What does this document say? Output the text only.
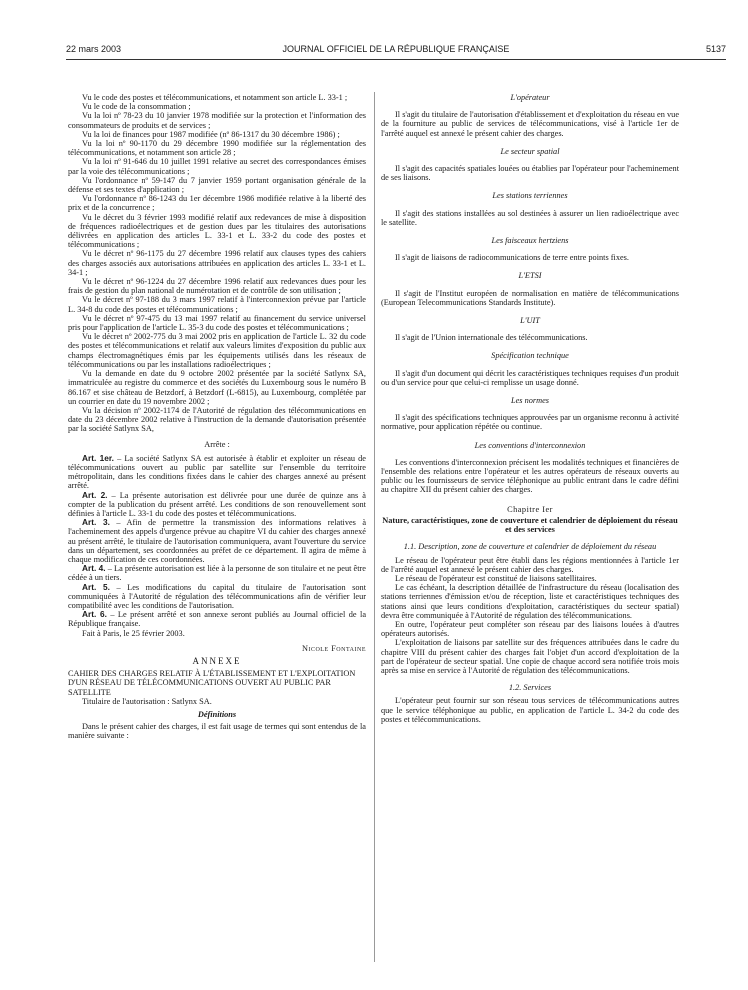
22 mars 2003	JOURNAL OFFICIEL DE LA RÉPUBLIQUE FRANÇAISE	5137

Vu le code des postes et télécommunications, et notamment son article L. 33-1 ;

Vu le code de la consommation ;

Vu la loi nº 78-23 du 10 janvier 1978 modifiée sur la protection et l'information des consommateurs de produits et de services ;

Vu la loi de finances pour 1987 modifiée (nº 86-1317 du 30 décembre 1986) ;

Vu la loi nº 90-1170 du 29 décembre 1990 modifiée sur la réglementation des télécommunications, et notamment son article 28 ;

Vu la loi nº 91-646 du 10 juillet 1991 relative au secret des correspondances émises par la voie des télécommunications ;

Vu l'ordonnance nº 59-147 du 7 janvier 1959 portant organisation générale de la défense et ses textes d'application ;

Vu l'ordonnance nº 86-1243 du 1er décembre 1986 modifiée relative à la liberté des prix et de la concurrence ;

Vu le décret du 3 février 1993 modifié relatif aux redevances de mise à disposition de fréquences radioélectriques et de gestion dues par les titulaires des autorisations délivrées en application des articles L. 33-1 et L. 33-2 du code des postes et télécommunications ;

Vu le décret nº 96-1175 du 27 décembre 1996 relatif aux clauses types des cahiers des charges associés aux autorisations attribuées en application des articles L. 33-1 et L. 34-1 ;

Vu le décret nº 96-1224 du 27 décembre 1996 relatif aux redevances dues pour les frais de gestion du plan national de numérotation et de contrôle de son utilisation ;

Vu le décret nº 97-188 du 3 mars 1997 relatif à l'interconnexion prévue par l'article L. 34-8 du code des postes et télécommunications ;

Vu le décret nº 97-475 du 13 mai 1997 relatif au financement du service universel pris pour l'application de l'article L. 35-3 du code des postes et télécommunications ;

Vu le décret nº 2002-775 du 3 mai 2002 pris en application de l'article L. 32 du code des postes et télécommunications et relatif aux valeurs limites d'exposition du public aux champs électromagnétiques émis par les équipements utilisés dans les réseaux de télécommunications ou par les installations radioélectriques ;

Vu la demande en date du 9 octobre 2002 présentée par la société Satlynx SA, immatriculée au registre du commerce et des sociétés du Luxembourg sous le numéro B 86.167 et sise château de Betzdorf, à Betzdorf (L-6815), au Luxembourg, complétée par un courrier en date du 19 novembre 2002 ;

Vu la décision nº 2002-1174 de l'Autorité de régulation des télécommunications en date du 23 décembre 2002 relative à l'instruction de la demande d'autorisation présentée par la société Satlynx SA,

Arrête :

Art. 1er. – La société Satlynx SA est autorisée à établir et exploiter un réseau de télécommunications ouvert au public par satellite sur l'ensemble du territoire métropolitain, dans les conditions fixées dans le cahier des charges annexé au présent arrêté.

Art. 2. – La présente autorisation est délivrée pour une durée de quinze ans à compter de la publication du présent arrêté. Les conditions de son renouvellement sont définies à l'article L. 33-1 du code des postes et télécommunications.

Art. 3. – Afin de permettre la transmission des informations relatives à l'acheminement des appels d'urgence prévue au chapitre VI du cahier des charges annexé au présent arrêté, le titulaire de l'autorisation communiquera, avant l'ouverture du service dans un département, ses coordonnées au préfet de ce département. Il agira de même à chaque modification de ces coordonnées.

Art. 4. – La présente autorisation est liée à la personne de son titulaire et ne peut être cédée à un tiers.

Art. 5. – Les modifications du capital du titulaire de l'autorisation sont communiquées à l'Autorité de régulation des télécommunications afin de vérifier leur compatibilité avec les conditions de l'autorisation.

Art. 6. – Le présent arrêté et son annexe seront publiés au Journal officiel de la République française.

Fait à Paris, le 25 février 2003.

Nicole Fontaine

ANNEXE

CAHIER DES CHARGES RELATIF À L'ÉTABLISSEMENT ET L'EXPLOITATION D'UN RÉSEAU DE TÉLÉCOMMUNICATIONS OUVERT AU PUBLIC PAR SATELLITE

Titulaire de l'autorisation : Satlynx SA.

Définitions

Dans le présent cahier des charges, il est fait usage de termes qui sont entendus de la manière suivante :

L'opérateur

Il s'agit du titulaire de l'autorisation d'établissement et d'exploitation du réseau en vue de la fourniture au public de services de télécommunications, visé à l'article 1er de l'arrêté auquel est annexé le présent cahier des charges.

Le secteur spatial

Il s'agit des capacités spatiales louées ou établies par l'opérateur pour l'acheminement de ses liaisons.

Les stations terriennes

Il s'agit des stations installées au sol destinées à assurer un lien radioélectrique avec le satellite.

Les faisceaux hertziens

Il s'agit de liaisons de radiocommunications de terre entre points fixes.

L'ETSI

Il s'agit de l'Institut européen de normalisation en matière de télécommunications (European Telecommunications Standards Institute).

L'UIT

Il s'agit de l'Union internationale des télécommunications.

Spécification technique

Il s'agit d'un document qui décrit les caractéristiques techniques requises d'un produit ou d'un service pour que celui-ci remplisse un usage donné.

Les normes

Il s'agit des spécifications techniques approuvées par un organisme reconnu à activité normative, pour application répétée ou continue.

Les conventions d'interconnexion

Les conventions d'interconnexion précisent les modalités techniques et financières de l'ensemble des relations entre l'opérateur et les autres opérateurs de réseaux ouverts au public ou les fournisseurs de service téléphonique au public entrant dans le cadre défini au chapitre XII du présent cahier des charges.

Chapitre Ier

Nature, caractéristiques, zone de couverture et calendrier de déploiement du réseau et des services

1.1. Description, zone de couverture et calendrier de déploiement du réseau

Le réseau de l'opérateur peut être établi dans les régions mentionnées à l'article 1er de l'arrêté auquel est annexé le présent cahier des charges.

Le réseau de l'opérateur est constitué de liaisons satellitaires.

Le cas échéant, la description détaillée de l'infrastructure du réseau (localisation des stations terriennes d'émission et/ou de réception, liste et caractéristiques techniques des stations ainsi que leurs conditions d'exploitation, caractéristiques du secteur spatial) devra être communiquée à l'Autorité de régulation des télécommunications.

En outre, l'opérateur peut compléter son réseau par des liaisons louées à d'autres opérateurs autorisés.

L'exploitation de liaisons par satellite sur des fréquences attribuées dans le cadre du chapitre VIII du présent cahier des charges fait l'objet d'un accord d'exploitation de la part de l'opérateur de secteur spatial. Une copie de chaque accord sera notifiée trois mois après sa mise en service à l'Autorité de régulation des télécommunications.

1.2. Services

L'opérateur peut fournir sur son réseau tous services de télécommunications autres que le service téléphonique au public, en application de l'article L. 34-2 du code des postes et télécommunications.
